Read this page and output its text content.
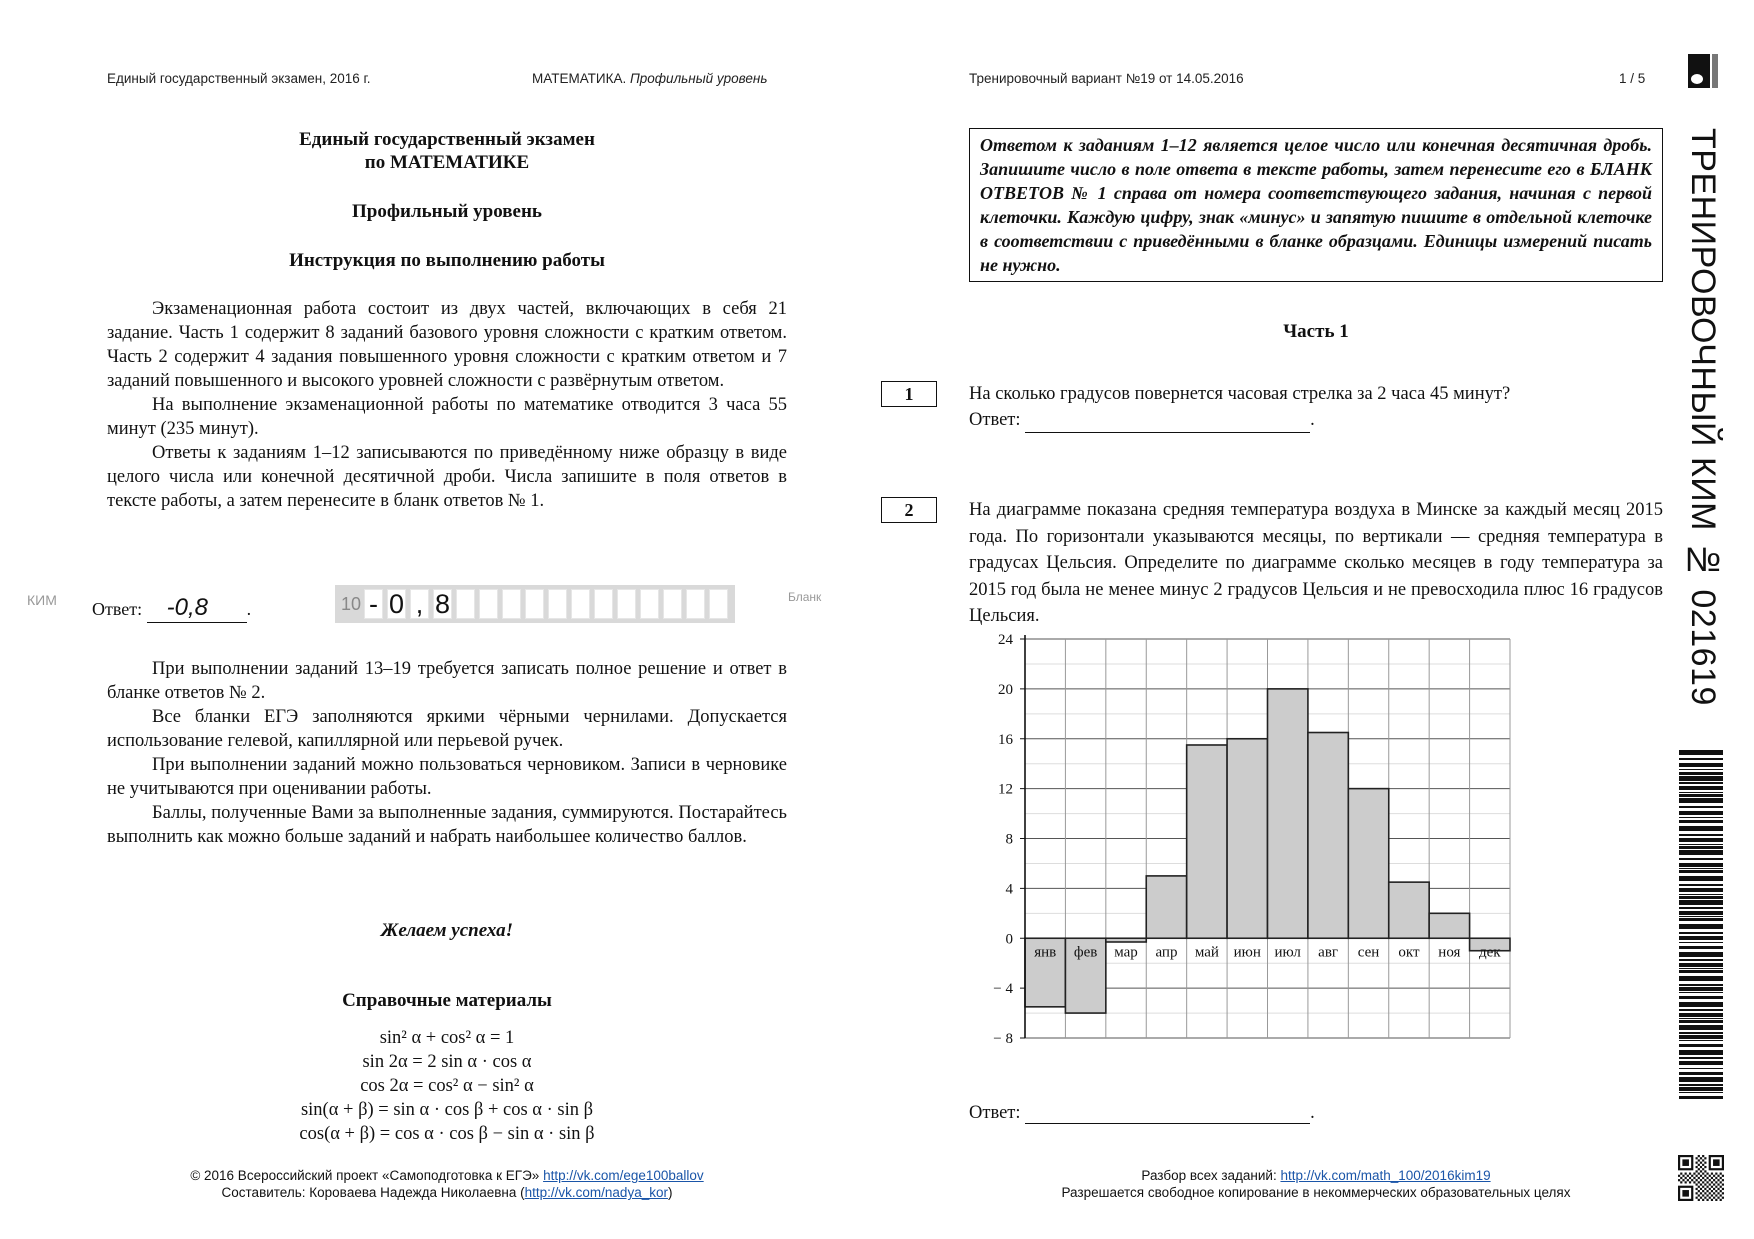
Единый государственный экзамен, 2016 г.	МАТЕМАТИКА. Профильный уровень	Тренировочный вариант №19 от 14.05.2016	1 / 5
Единый государственный экзамен
по МАТЕМАТИКЕ
Профильный уровень
Инструкция по выполнению работы

Экзаменационная работа состоит из двух частей, включающих в себя 21 задание. Часть 1 содержит 8 заданий базового уровня сложности с кратким ответом. Часть 2 содержит 4 задания повышенного уровня сложности с кратким ответом и 7 заданий повышенного и высокого уровней сложности с развёрнутым ответом.

На выполнение экзаменационной работы по математике отводится 3 часа 55 минут (235 минут).

Ответы к заданиям 1–12 записываются по приведённому ниже образцу в виде целого числа или конечной десятичной дроби. Числа запишите в поля ответов в тексте работы, а затем перенесите в бланк ответов № 1.

КИМ Ответ: -0,8 .	10 - 0 , 8	Бланк

При выполнении заданий 13–19 требуется записать полное решение и ответ в бланке ответов № 2.

Все бланки ЕГЭ заполняются яркими чёрными чернилами. Допускается использование гелевой, капиллярной или перьевой ручек.

При выполнении заданий можно пользоваться черновиком. Записи в черновике не учитываются при оценивании работы.

Баллы, полученные Вами за выполненные задания, суммируются. Постарайтесь выполнить как можно больше заданий и набрать наибольшее количество баллов.

Желаем успеха!
Справочные материалы
sin² α + cos² α = 1
sin 2α = 2 sin α · cos α
cos 2α = cos² α − sin² α
sin(α + β) = sin α · cos β + cos α · sin β
cos(α + β) = cos α · cos β − sin α · sin β
© 2016 Всероссийский проект «Самоподготовка к ЕГЭ» http://vk.com/ege100ballov
Составитель: Коровaева Надежда Николаевна (http://vk.com/nadya_kor)
Ответом к заданиям 1–12 является целое число или конечная десятичная дробь. Запишите число в поле ответа в тексте работы, затем перенесите его в БЛАНК ОТВЕТОВ № 1 справа от номера соответствующего задания, начиная с первой клеточки. Каждую цифру, знак «минус» и запятую пишите в отдельной клеточке в соответствии с приведёнными в бланке образцами. Единицы измерений писать не нужно.
Часть 1
1	На сколько градусов повернется часовая стрелка за 2 часа 45 минут?
Ответ:	.
2	На диаграмме показана средняя температура воздуха в Минске за каждый месяц 2015 года. По горизонтали указываются месяцы, по вертикали — средняя температура в градусах Цельсия. Определите по диаграмме сколько месяцев в году температура за 2015 год была не менее минус 2 градусов Цельсия и не превосходила плюс 16 градусов Цельсия.

24
20
16
12
8
4
0
− 4
− 8
янв фев мар апр май июн июл авг сен окт ноя дек
Ответ:	.
Разбор всех заданий: http://vk.com/math_100/2016kim19
Разрешается свободное копирование в некоммерческих образовательных целях
ТРЕНИРОВОЧНЫЙ КИМ № 021619
